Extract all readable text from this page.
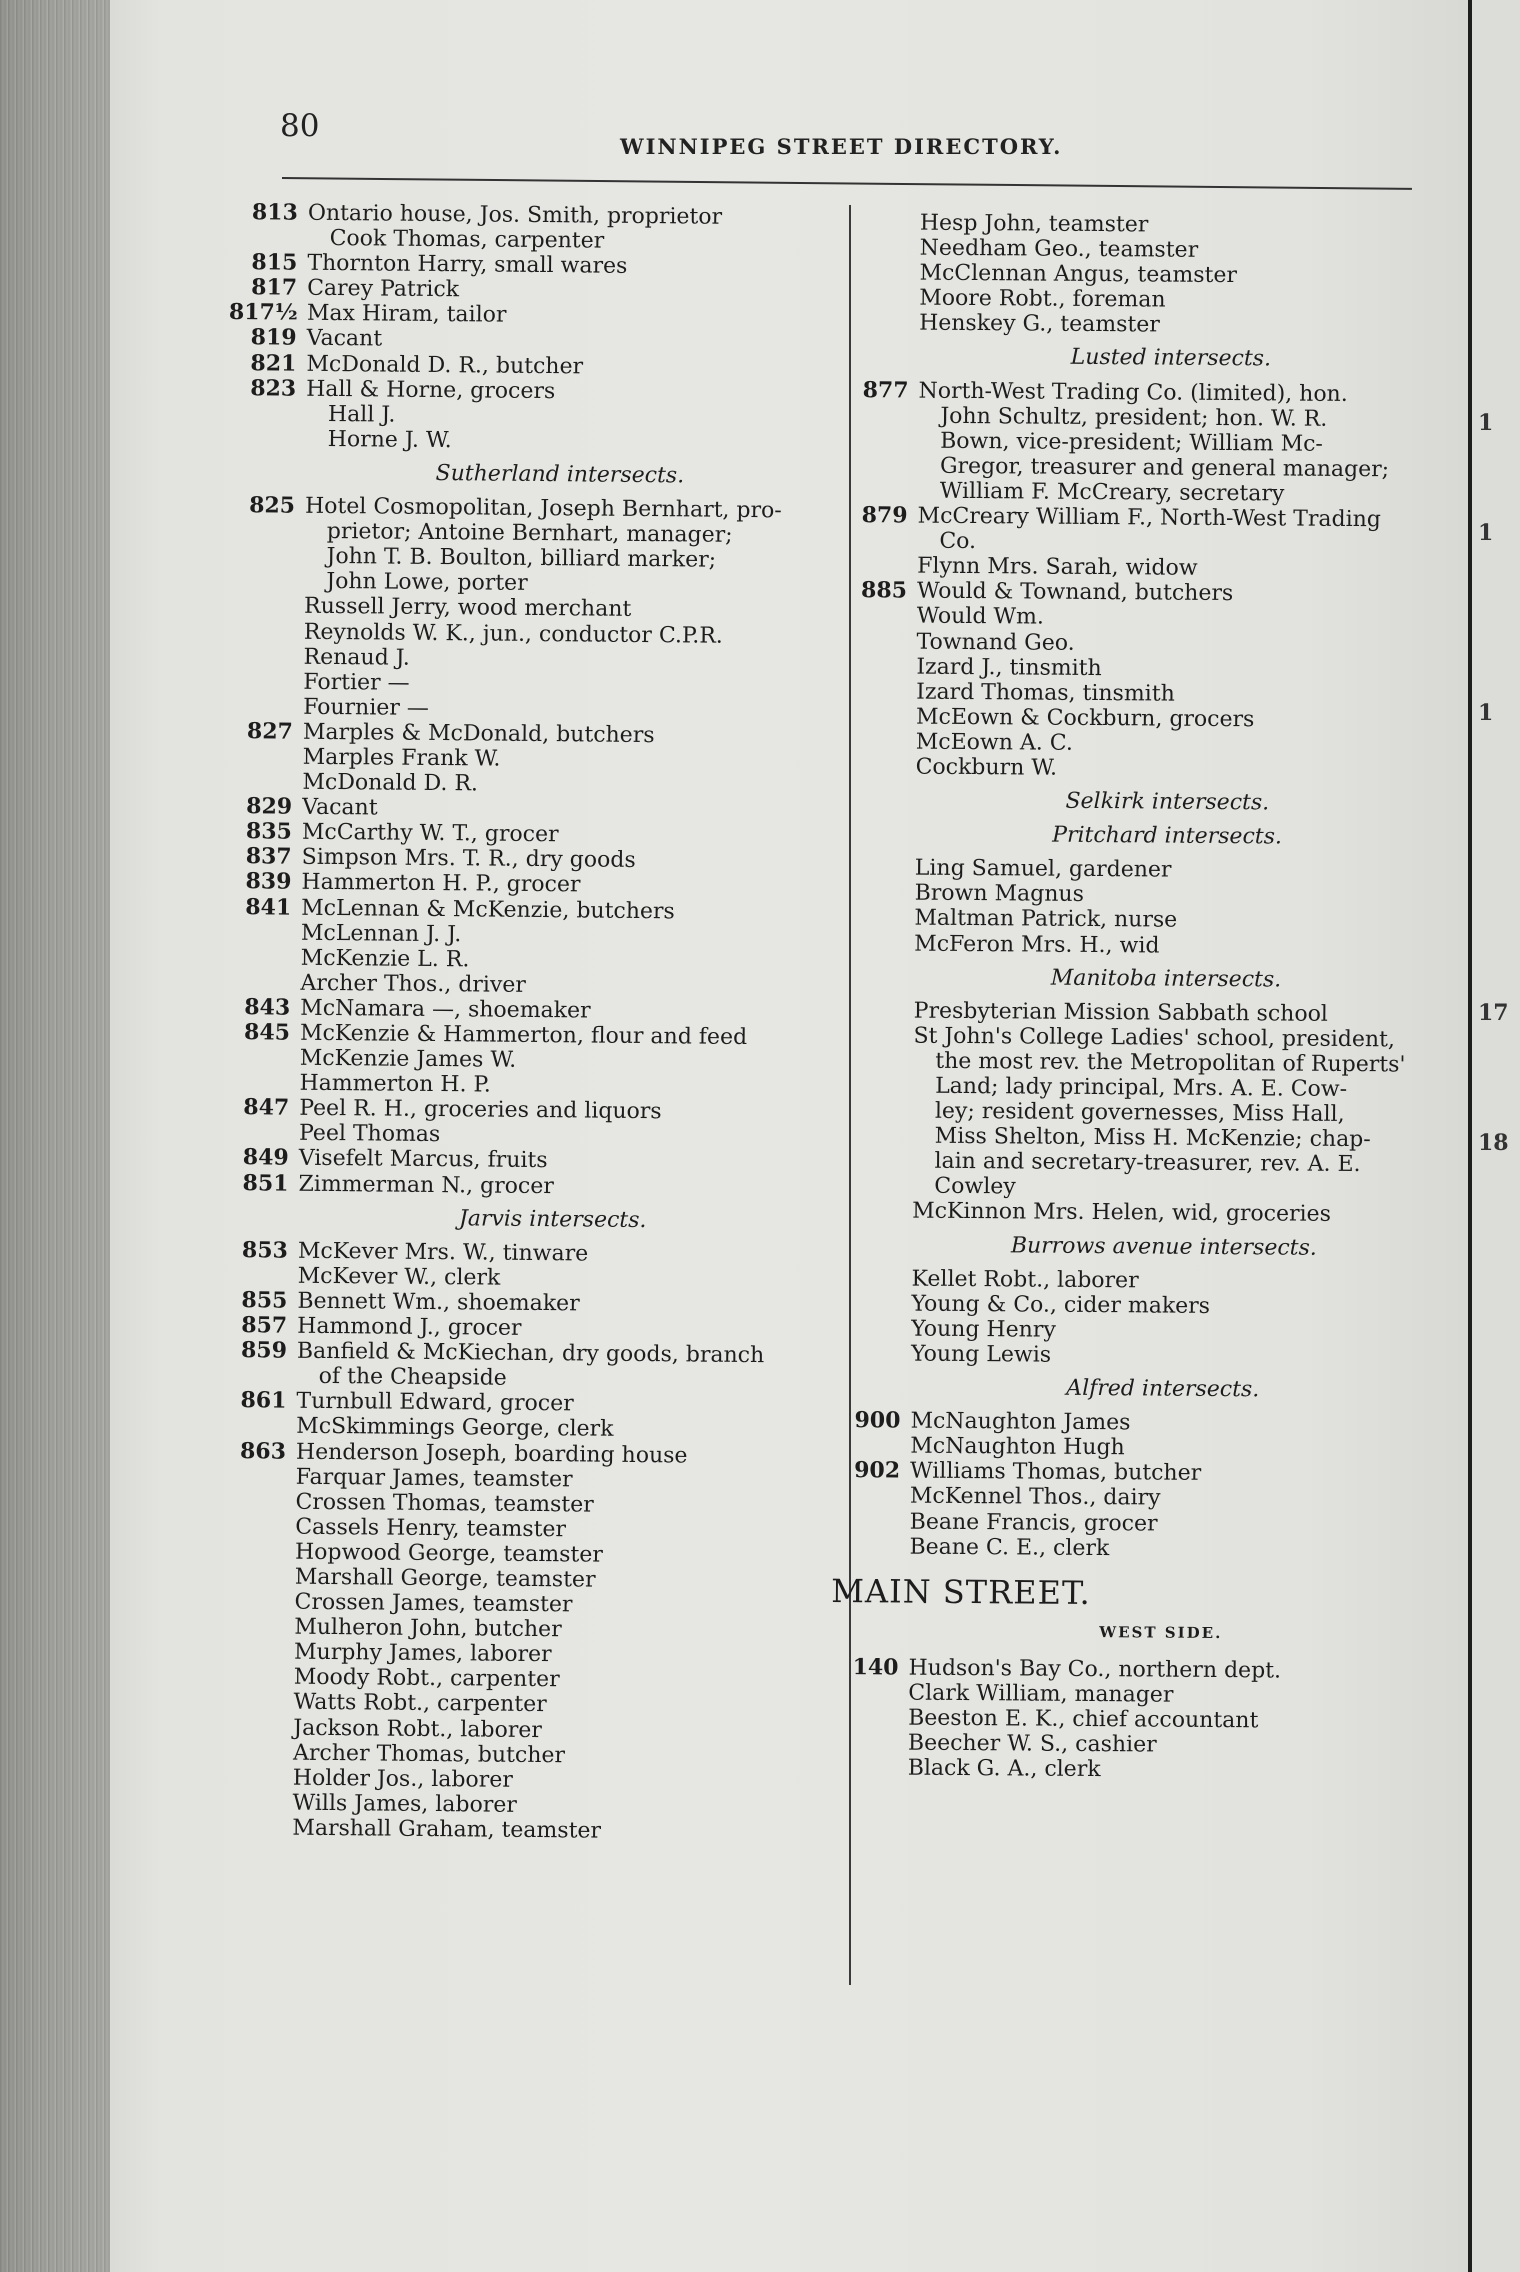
80
WINNIPEG STREET DIRECTORY.
813 Ontario house, Jos. Smith, proprietor
Cook Thomas, carpenter
815 Thornton Harry, small wares
817 Carey Patrick
817½ Max Hiram, tailor
819 Vacant
821 McDonald D. R., butcher
823 Hall & Horne, grocers
Hall J.
Horne J. W.
Sutherland intersects.
825 Hotel Cosmopolitan, Joseph Bernhart, pro-
prietor; Antoine Bernhart, manager;
John T. B. Boulton, billiard marker;
John Lowe, porter
Russell Jerry, wood merchant
Reynolds W. K., jun., conductor C.P.R.
Renaud J.
Fortier —
Fournier —
827 Marples & McDonald, butchers
Marples Frank W.
McDonald D. R.
829 Vacant
835 McCarthy W. T., grocer
837 Simpson Mrs. T. R., dry goods
839 Hammerton H. P., grocer
841 McLennan & McKenzie, butchers
McLennan J. J.
McKenzie L. R.
Archer Thos., driver
843 McNamara —, shoemaker
845 McKenzie & Hammerton, flour and feed
McKenzie James W.
Hammerton H. P.
847 Peel R. H., groceries and liquors
Peel Thomas
849 Visefelt Marcus, fruits
851 Zimmerman N., grocer
Jarvis intersects.
853 McKever Mrs. W., tinware
McKever W., clerk
855 Bennett Wm., shoemaker
857 Hammond J., grocer
859 Banfield & McKiechan, dry goods, branch
of the Cheapside
861 Turnbull Edward, grocer
McSkimmings George, clerk
863 Henderson Joseph, boarding house
Farquar James, teamster
Crossen Thomas, teamster
Cassels Henry, teamster
Hopwood George, teamster
Marshall George, teamster
Crossen James, teamster
Mulheron John, butcher
Murphy James, laborer
Moody Robt., carpenter
Watts Robt., carpenter
Jackson Robt., laborer
Archer Thomas, butcher
Holder Jos., laborer
Wills James, laborer
Marshall Graham, teamster
Hesp John, teamster
Needham Geo., teamster
McClennan Angus, teamster
Moore Robt., foreman
Henskey G., teamster
Lusted intersects.
877 North-West Trading Co. (limited), hon.
John Schultz, president; hon. W. R.
Bown, vice-president; William Mc-
Gregor, treasurer and general manager;
William F. McCreary, secretary
879 McCreary William F., North-West Trading
Co.
Flynn Mrs. Sarah, widow
885 Would & Townand, butchers
Would Wm.
Townand Geo.
Izard J., tinsmith
Izard Thomas, tinsmith
McEown & Cockburn, grocers
McEown A. C.
Cockburn W.
Selkirk intersects.
Pritchard intersects.
Ling Samuel, gardener
Brown Magnus
Maltman Patrick, nurse
McFeron Mrs. H., wid
Manitoba intersects.
Presbyterian Mission Sabbath school
St John's College Ladies' school, president,
the most rev. the Metropolitan of Ruperts'
Land; lady principal, Mrs. A. E. Cow-
ley; resident governesses, Miss Hall,
Miss Shelton, Miss H. McKenzie; chap-
lain and secretary-treasurer, rev. A. E.
Cowley
McKinnon Mrs. Helen, wid, groceries
Burrows avenue intersects.
Kellet Robt., laborer
Young & Co., cider makers
Young Henry
Young Lewis
Alfred intersects.
900 McNaughton James
McNaughton Hugh
902 Williams Thomas, butcher
McKennel Thos., dairy
Beane Francis, grocer
Beane C. E., clerk
MAIN STREET.
WEST SIDE.
140 Hudson's Bay Co., northern dept.
Clark William, manager
Beeston E. K., chief accountant
Beecher W. S., cashier
Black G. A., clerk
1
1
1
17
18
